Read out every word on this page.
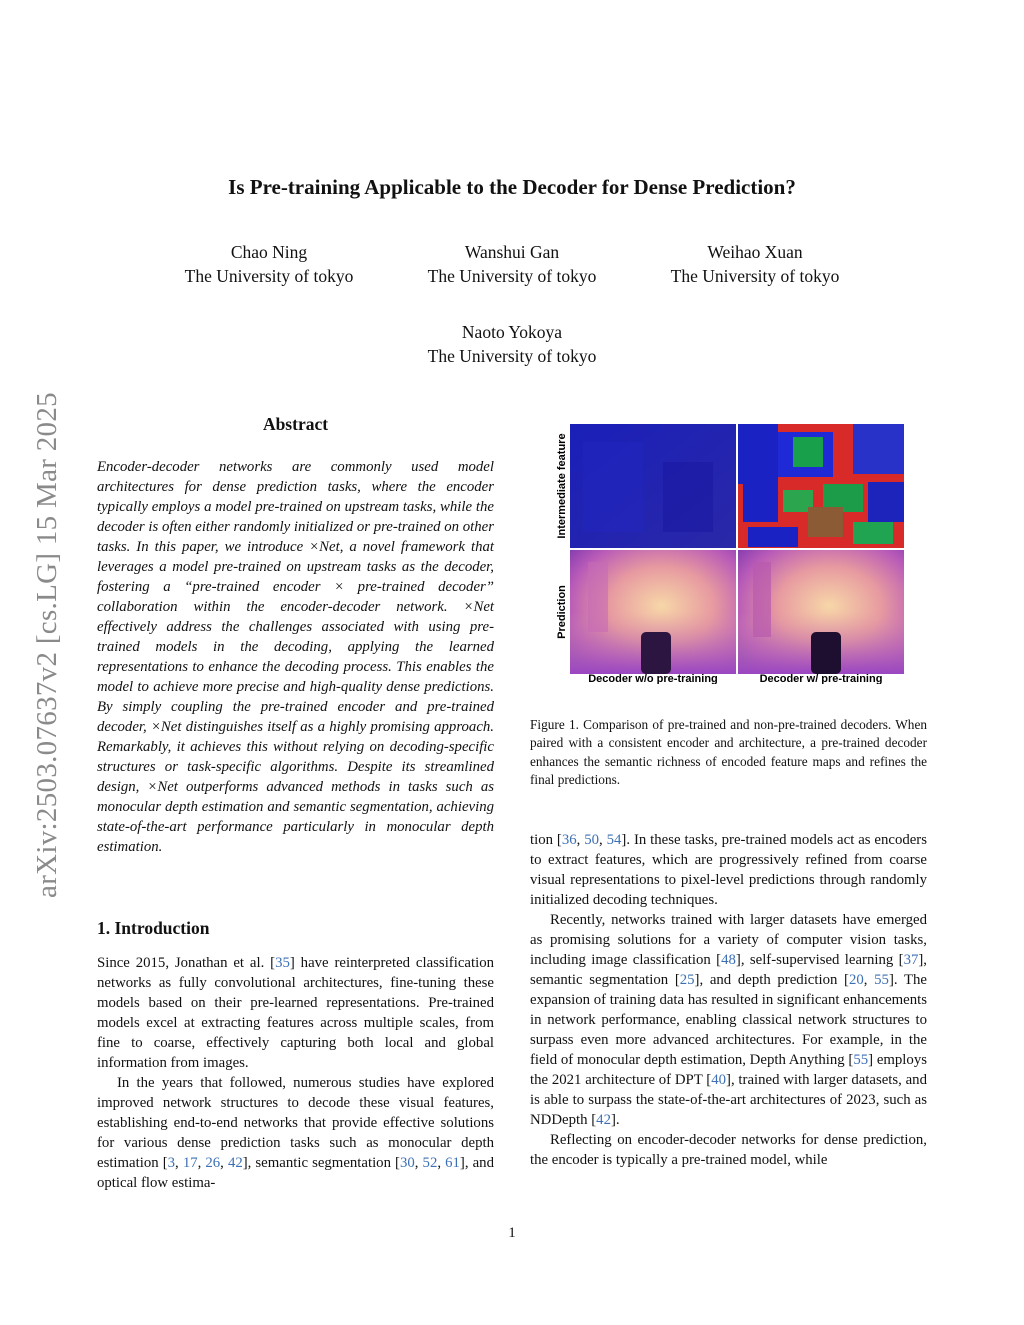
arXiv:2503.07637v2 [cs.LG] 15 Mar 2025
Is Pre-training Applicable to the Decoder for Dense Prediction?
Chao Ning
The University of tokyo
Wanshui Gan
The University of tokyo
Weihao Xuan
The University of tokyo
Naoto Yokoya
The University of tokyo
Abstract

Encoder-decoder networks are commonly used model architectures for dense prediction tasks, where the encoder typically employs a model pre-trained on upstream tasks, while the decoder is often either randomly initialized or pre-trained on other tasks. In this paper, we introduce ×Net, a novel framework that leverages a model pre-trained on upstream tasks as the decoder, fostering a “pre-trained encoder × pre-trained decoder” collaboration within the encoder-decoder network. ×Net effectively address the challenges associated with using pre-trained models in the decoding, applying the learned representations to enhance the decoding process. This enables the model to achieve more precise and high-quality dense predictions. By simply coupling the pre-trained encoder and pre-trained decoder, ×Net distinguishes itself as a highly promising approach. Remarkably, it achieves this without relying on decoding-specific structures or task-specific algorithms. Despite its streamlined design, ×Net outperforms advanced methods in tasks such as monocular depth estimation and semantic segmentation, achieving state-of-the-art performance particularly in monocular depth estimation.

1. Introduction

Since 2015, Jonathan et al. [35] have reinterpreted classification networks as fully convolutional architectures, fine-tuning these models based on their pre-learned representations. Pre-trained models excel at extracting features across multiple scales, from fine to coarse, effectively capturing both local and global information from images.

In the years that followed, numerous studies have explored improved network structures to decode these visual features, establishing end-to-end networks that provide effective solutions for various dense prediction tasks such as monocular depth estimation [3, 17, 26, 42], semantic segmentation [30, 52, 61], and optical flow estima-

Intermediate feature
Prediction
Decoder w/o pre-training	Decoder w/ pre-training
Figure 1. Comparison of pre-trained and non-pre-trained decoders. When paired with a consistent encoder and architecture, a pre-trained decoder enhances the semantic richness of encoded feature maps and refines the final predictions.

tion [36, 50, 54]. In these tasks, pre-trained models act as encoders to extract features, which are progressively refined from coarse visual representations to pixel-level predictions through randomly initialized decoding techniques.

Recently, networks trained with larger datasets have emerged as promising solutions for a variety of computer vision tasks, including image classification [48], self-supervised learning [37], semantic segmentation [25], and depth prediction [20, 55]. The expansion of training data has resulted in significant enhancements in network performance, enabling classical network structures to surpass even more advanced architectures. For example, in the field of monocular depth estimation, Depth Anything [55] employs the 2021 architecture of DPT [40], trained with larger datasets, and is able to surpass the state-of-the-art architectures of 2023, such as NDDepth [42].

Reflecting on encoder-decoder networks for dense prediction, the encoder is typically a pre-trained model, while

1
